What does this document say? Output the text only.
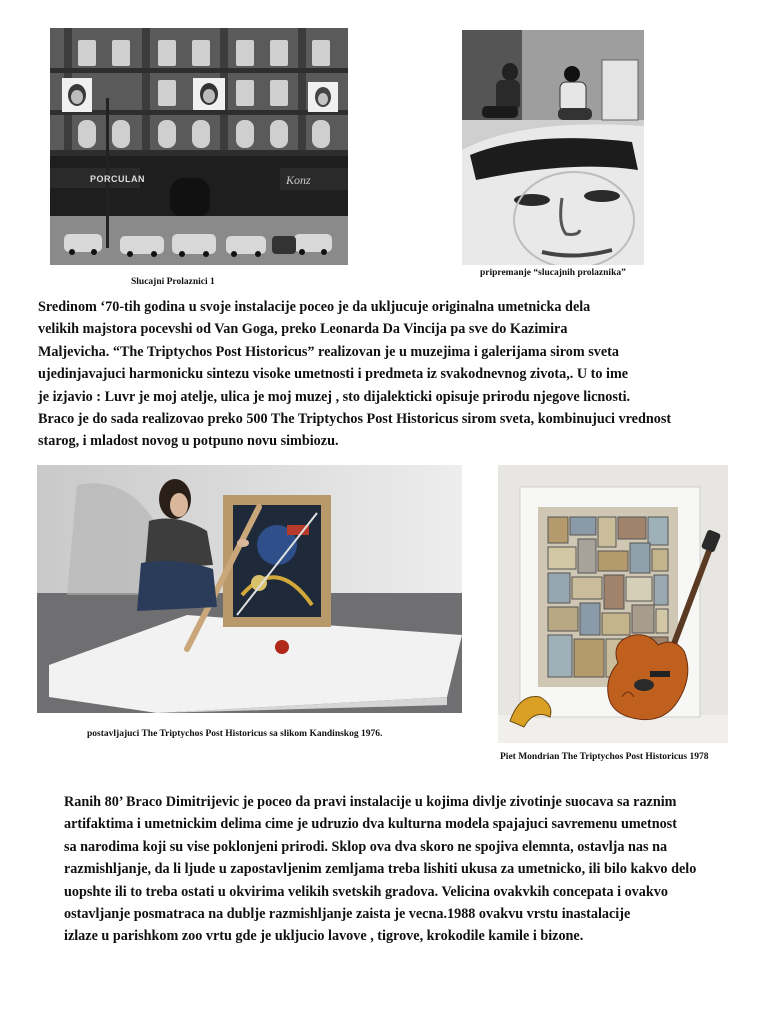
PORCULAN	Konz
Slucajni Prolaznici 1
pripremanje “slucajnih prolaznika”
Sredinom ‘70-tih godina u svoje instalacije poceo je da ukljucuje originalna umetnicka dela
velikih majstora pocevshi od Van Goga, preko Leonarda Da Vincija pa sve do Kazimira
Maljevicha. “The Triptychos Post Historicus” realizovan je u muzejima i galerijama sirom sveta
ujedinjavajuci harmonicku sintezu visoke umetnosti i predmeta iz svakodnevnog zivota,. U to ime
je izjavio : Luvr je moj atelje, ulica je moj muzej , sto dijalekticki opisuje prirodu njegove licnosti.
Braco je do sada realizovao preko 500 The Triptychos Post Historicus sirom sveta, kombinujuci vrednost
starog, i mladost novog u potpuno novu simbiozu.
postavljajuci The Triptychos Post Historicus sa slikom Kandinskog 1976.
Piet Mondrian The Triptychos Post Historicus 1978
Ranih 80’ Braco Dimitrijevic je poceo da pravi instalacije u kojima divlje zivotinje suocava sa raznim
artifaktima i umetnickim delima cime je udruzio dva kulturna modela spajajuci savremenu umetnost
sa narodima koji su vise poklonjeni prirodi. Sklop ova dva skoro ne spojiva elemnta, ostavlja nas na
razmishljanje, da li ljude u zapostavljenim zemljama treba lishiti ukusa za umetnicko, ili bilo kakvo delo
uopshte ili to treba ostati u okvirima velikih svetskih gradova. Velicina ovakvkih concepata i ovakvo
ostavljanje posmatraca na dublje razmishljanje zaista je vecna.1988 ovakvu vrstu inastalacije
izlaze u parishkom zoo vrtu gde je ukljucio lavove , tigrove, krokodile kamile i bizone.
